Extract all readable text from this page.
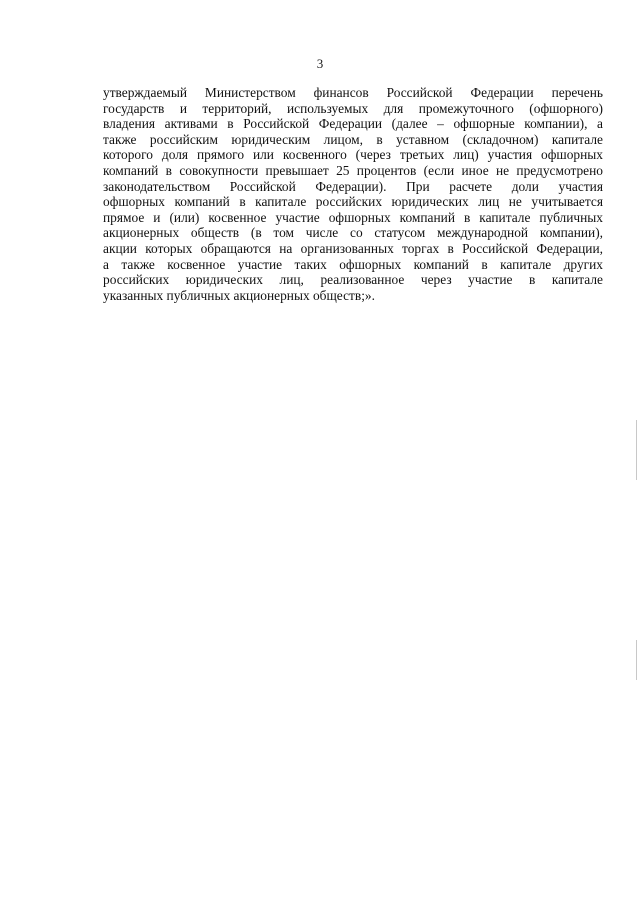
3
утверждаемый Министерством финансов Российской Федерации перечень
государств и территорий, используемых для промежуточного (офшорного)
владения активами в Российской Федерации (далее – офшорные компании), а
также российским юридическим лицом, в уставном (складочном) капитале
которого доля прямого или косвенного (через третьих лиц) участия офшорных
компаний в совокупности превышает 25 процентов (если иное не предусмотрено
законодательством Российской Федерации). При расчете доли участия
офшорных компаний в капитале российских юридических лиц не учитывается
прямое и (или) косвенное участие офшорных компаний в капитале публичных
акционерных обществ (в том числе со статусом международной компании),
акции которых обращаются на организованных торгах в Российской Федерации,
а также косвенное участие таких офшорных компаний в капитале других
российских юридических лиц, реализованное через участие в капитале
указанных публичных акционерных обществ;».
